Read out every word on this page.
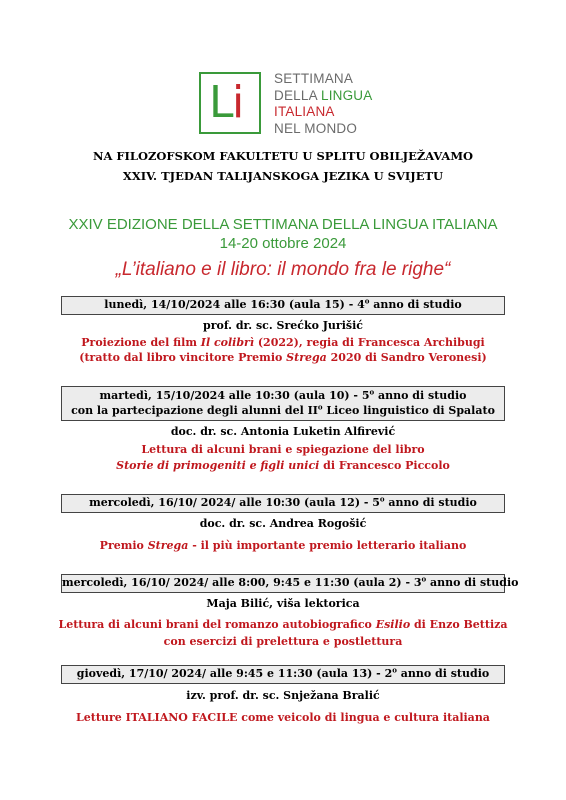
L
i SETTIMANA
DELLA LINGUA
ITALIANA
NEL MONDO
NA FILOZOFSKOM FAKULTETU U SPLITU OBILJEŽAVAMO
XXIV. TJEDAN TALIJANSKOGA JEZIKA U SVIJETU
XXIV EDIZIONE DELLA SETTIMANA DELLA LINGUA ITALIANA
14-20 ottobre 2024
„L’italiano e il libro: il mondo fra le righe“
lunedì, 14/10/2024 alle 16:30 (aula 15) - 4$^o$ anno di studio
prof. dr. sc. Srećko Jurišić
Proiezione del film Il colibrì (2022), regia di Francesca Archibugi
(tratto dal libro vincitore Premio Strega 2020 di Sandro Veronesi)
martedì, 15/10/2024 alle 10:30 (aula 10) - 5$^o$ anno di studio
con la partecipazione degli alunni del $II^o$ Liceo linguistico di Spalato
doc. dr. sc. Antonia Luketin Alfirević
Lettura di alcuni brani e spiegazione del libro
Storie di primogeniti e figli unici di Francesco Piccolo
mercoledì, 16/10/ 2024/ alle 10:30 (aula 12) - 5$^o$ anno di studio
doc. dr. sc. Andrea Rogošić
Premio Strega - il più importante premio letterario italiano
mercoledì, 16/10/ 2024/ alle 8:00, 9:45 e 11:30 (aula 2) - 3$^o$ anno di studio
Maja Bilić, viša lektorica
Lettura di alcuni brani del romanzo autobiografico Esilio di Enzo Bettiza
con esercizi di prelettura e postlettura
giovedì, 17/10/ 2024/ alle 9:45 e 11:30 (aula 13) - 2$^o$ anno di studio
izv. prof. dr. sc. Snježana Bralić
Letture ITALIANO FACILE come veicolo di lingua e cultura italiana
